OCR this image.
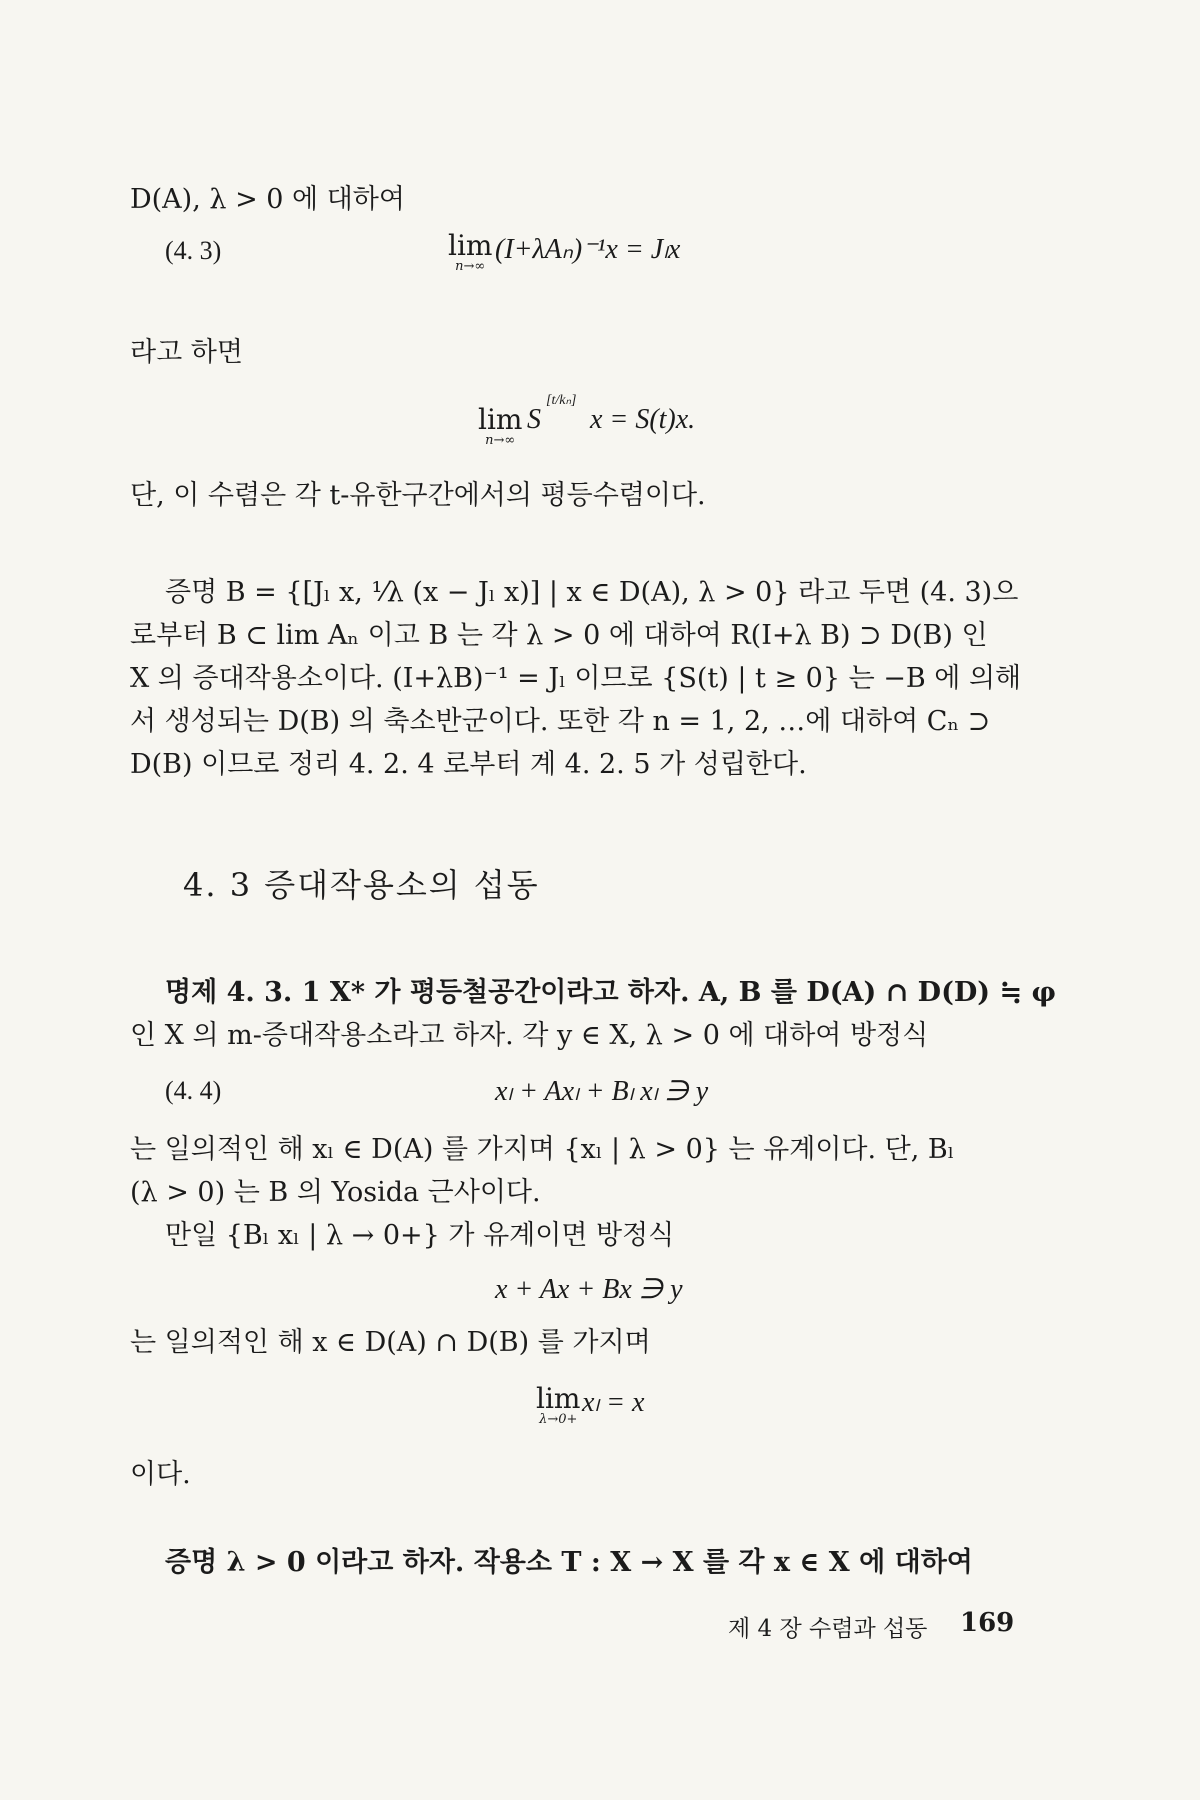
D(A), λ > 0 에 대하여
(4. 3)	lim
n→∞
(I+λAₙ)⁻¹x = Jₗx
라고 하면
lim
n→∞
S
[t/kₙ]
x = S(t)x.
단, 이 수렴은 각 t-유한구간에서의 평등수렴이다.
증명 B = {[Jₗ x, ¹⁄λ (x − Jₗ x)] | x ∈ D(A), λ > 0} 라고 두면 (4. 3)으
로부터 B ⊂ lim Aₙ 이고 B 는 각 λ > 0 에 대하여 R(I+λ B) ⊃ D(B) 인
X 의 증대작용소이다. (I+λB)⁻¹ = Jₗ 이므로 {S(t) | t ≥ 0} 는 −B 에 의해
서 생성되는 D(B) 의 축소반군이다. 또한 각 n = 1, 2, …에 대하여 Cₙ ⊃
D(B) 이므로 정리 4. 2. 4 로부터 계 4. 2. 5 가 성립한다.
4. 3 증대작용소의 섭동
명제 4. 3. 1 X* 가 평등철공간이라고 하자. A, B 를 D(A) ∩ D(D) ≒ φ
인 X 의 m-증대작용소라고 하자. 각 y ∈ X, λ > 0 에 대하여 방정식
(4. 4)	xₗ + Axₗ + Bₗ xₗ ∋ y
는 일의적인 해 xₗ ∈ D(A) 를 가지며 {xₗ | λ > 0} 는 유계이다. 단, Bₗ
(λ > 0) 는 B 의 Yosida 근사이다.
만일 {Bₗ xₗ | λ → 0+} 가 유계이면 방정식
x + Ax + Bx ∋ y
는 일의적인 해 x ∈ D(A) ∩ D(B) 를 가지며
lim
λ→0+
xₗ = x
이다.
증명 λ > 0 이라고 하자. 작용소 T : X → X 를 각 x ∈ X 에 대하여
제 4 장 수렴과 섭동 169
